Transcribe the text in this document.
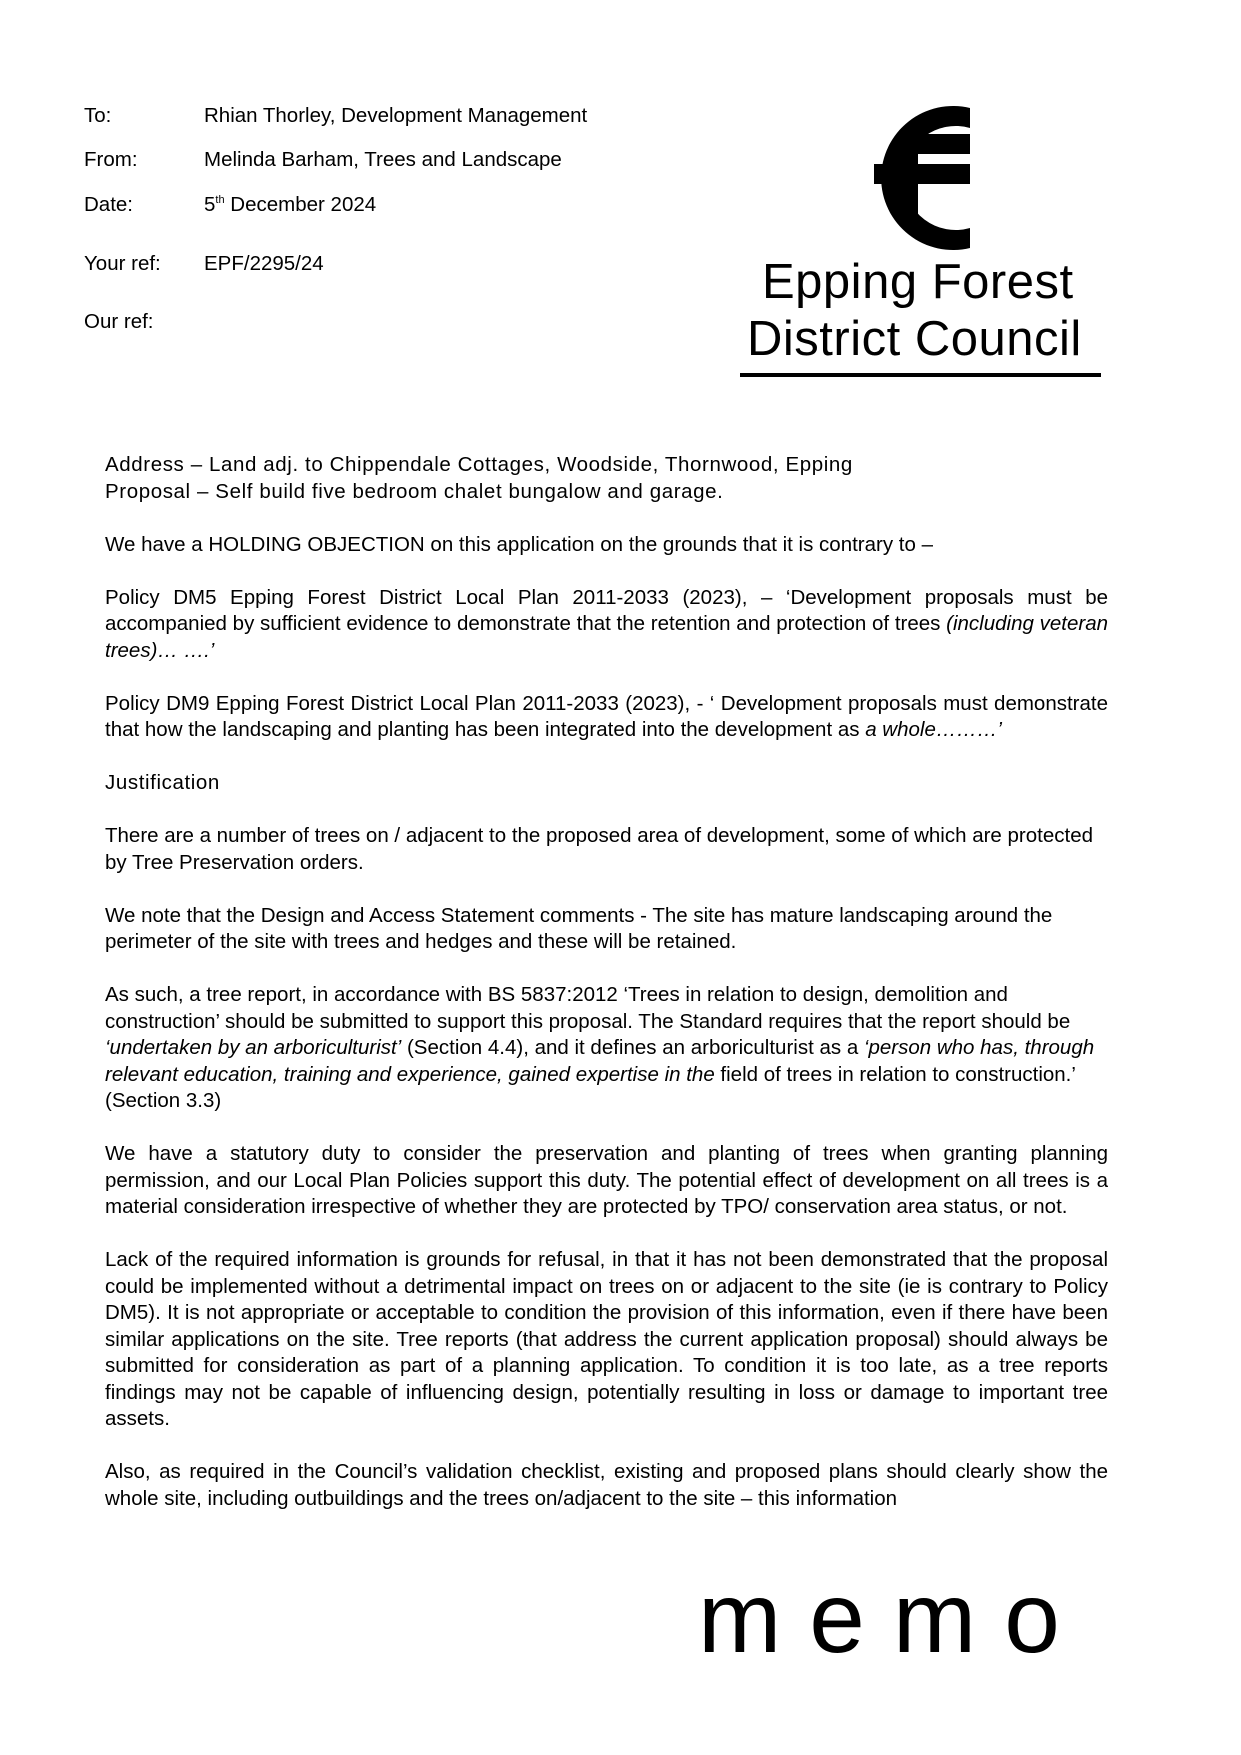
To:	Rhian Thorley, Development Management
From:	Melinda Barham, Trees and Landscape
Date:	5th December 2024
Your ref: EPF/2295/24
Our ref:
Epping Forest
District Council

Address – Land adj. to Chippendale Cottages, Woodside, Thornwood, Epping

Proposal – Self build five bedroom chalet bungalow and garage.

We have a HOLDING OBJECTION on this application on the grounds that it is contrary to –

Policy DM5 Epping Forest District Local Plan 2011-2033 (2023), – ‘Development proposals must be accompanied by sufficient evidence to demonstrate that the retention and protection of trees (including veteran trees)… ….’

Policy DM9 Epping Forest District Local Plan 2011-2033 (2023), - ‘ Development proposals must demonstrate that how the landscaping and planting has been integrated into the development as a whole………’

Justification

There are a number of trees on / adjacent to the proposed area of development, some of which are protected by Tree Preservation orders.

We note that the Design and Access Statement comments - The site has mature landscaping around the perimeter of the site with trees and hedges and these will be retained.

As such, a tree report, in accordance with BS 5837:2012 ‘Trees in relation to design, demolition and construction’ should be submitted to support this proposal. The Standard requires that the report should be ‘undertaken by an arboriculturist’ (Section 4.4), and it defines an arboriculturist as a ‘person who has, through relevant education, training and experience, gained expertise in the field of trees in relation to construction.’ (Section 3.3)

We have a statutory duty to consider the preservation and planting of trees when granting planning permission, and our Local Plan Policies support this duty. The potential effect of development on all trees is a material consideration irrespective of whether they are protected by TPO/ conservation area status, or not.

Lack of the required information is grounds for refusal, in that it has not been demonstrated that the proposal could be implemented without a detrimental impact on trees on or adjacent to the site (ie is contrary to Policy DM5). It is not appropriate or acceptable to condition the provision of this information, even if there have been similar applications on the site. Tree reports (that address the current application proposal) should always be submitted for consideration as part of a planning application. To condition it is too late, as a tree reports findings may not be capable of influencing design, potentially resulting in loss or damage to important tree assets.

Also, as required in the Council’s validation checklist, existing and proposed plans should clearly show the whole site, including outbuildings and the trees on/adjacent to the site – this information

memo
